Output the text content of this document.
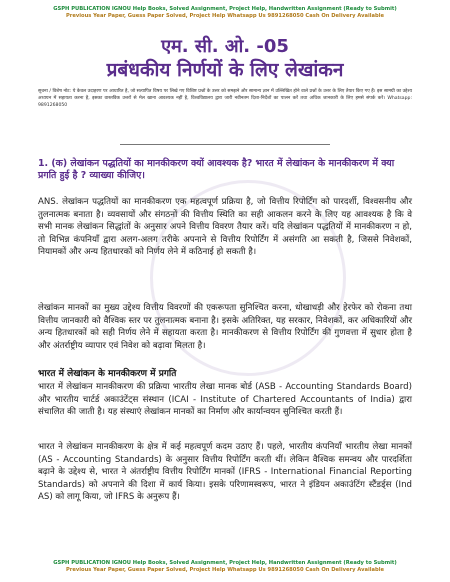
GSPH PUBLICATION IGNOU Help Books, Solved Assignment, Project Help, Handwritten Assignment (Ready to Submit)
Previous Year Paper, Guess Paper Solved, Project Help Whatsapp Us 9891268050 Cash On Delivery Available
एम. सी. ओ. -05
प्रबंधकीय निर्णयों के लिए लेखांकन
सूचना / विशेष नोट: ये केवल उदाहरण पर आधारित है, जो सत्यापित विषय पर लिखे गए विशिष्ट प्रश्नों के उत्तर को समझने और सामान्य ज्ञान में उल्लिखित होने वाले प्रश्नों के उत्तर के लिए तैयार किए गए हैं। इस सामग्री का उद्देश्य अध्ययन में सहायता करना है, इसका वास्तविक उत्तरों से मेल खाना आवश्यक नहीं है, विश्वविद्यालय द्वारा जारी नवीनतम दिशा-निर्देशों का पालन करें तथा अधिक जानकारी के लिए हमसे संपर्क करें। Whatsapp: 9891268050
1. (क) लेखांकन पद्धतियों का मानकीकरण क्यों आवश्यक है? भारत में लेखांकन के मानकीकरण में क्या प्रगति हुई है ? व्याख्या कीजिए।
ANS. लेखांकन पद्धतियों का मानकीकरण एक महत्वपूर्ण प्रक्रिया है, जो वित्तीय रिपोर्टिंग को पारदर्शी, विश्वसनीय और तुलनात्मक बनाता है। व्यवसायों और संगठनों की वित्तीय स्थिति का सही आकलन करने के लिए यह आवश्यक है कि वे सभी मानक लेखांकन सिद्धांतों के अनुसार अपने वित्तीय विवरण तैयार करें। यदि लेखांकन पद्धतियों में मानकीकरण न हो, तो विभिन्न कंपनियाँ द्वारा अलग-अलग तरीके अपनाने से वित्तीय रिपोर्टिंग में असंगति आ सकती है, जिससे निवेशकों, नियामकों और अन्य हितधारकों को निर्णय लेने में कठिनाई हो सकती है।
लेखांकन मानकों का मुख्य उद्देश्य वित्तीय विवरणों की एकरूपता सुनिश्चित करना, धोखाधड़ी और हेरफेर को रोकना तथा वित्तीय जानकारी को वैश्विक स्तर पर तुलनात्मक बनाना है। इसके अतिरिक्त, यह सरकार, निवेशकों, कर अधिकारियों और अन्य हितधारकों को सही निर्णय लेने में सहायता करता है। मानकीकरण से वित्तीय रिपोर्टिंग की गुणवत्ता में सुधार होता है और अंतर्राष्ट्रीय व्यापार एवं निवेश को बढ़ावा मिलता है।
भारत में लेखांकन के मानकीकरण में प्रगति
भारत में लेखांकन मानकीकरण की प्रक्रिया भारतीय लेखा मानक बोर्ड (ASB - Accounting Standards Board) और भारतीय चार्टर्ड अकाउंटेंट्स संस्थान (ICAI - Institute of Chartered Accountants of India) द्वारा संचालित की जाती है। यह संस्थाएं लेखांकन मानकों का निर्माण और कार्यान्वयन सुनिश्चित करती हैं।
भारत ने लेखांकन मानकीकरण के क्षेत्र में कई महत्वपूर्ण कदम उठाए हैं। पहले, भारतीय कंपनियाँ भारतीय लेखा मानकों (AS - Accounting Standards) के अनुसार वित्तीय रिपोर्टिंग करती थीं। लेकिन वैश्विक समन्वय और पारदर्शिता बढ़ाने के उद्देश्य से, भारत ने अंतर्राष्ट्रीय वित्तीय रिपोर्टिंग मानकों (IFRS - International Financial Reporting Standards) को अपनाने की दिशा में कार्य किया। इसके परिणामस्वरूप, भारत ने इंडियन अकाउंटिंग स्टैंडर्ड्स (Ind AS) को लागू किया, जो IFRS के अनुरूप हैं।
GSPH PUBLICATION IGNOU Help Books, Solved Assignment, Project Help, Handwritten Assignment (Ready to Submit)
Previous Year Paper, Guess Paper Solved, Project Help Whatsapp Us 9891268050 Cash On Delivery Available
